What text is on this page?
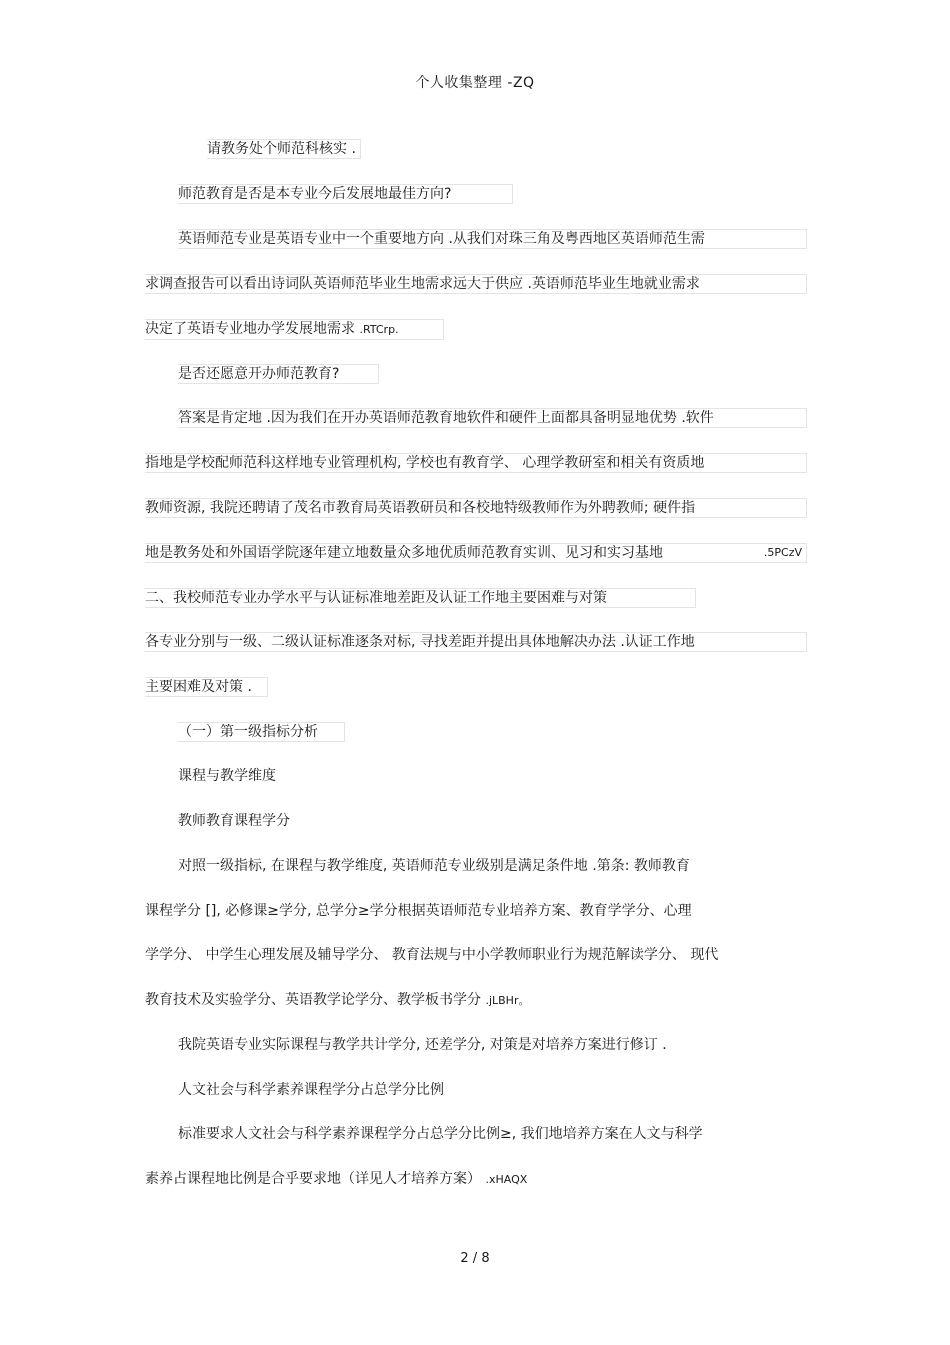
个人收集整理 -ZQ
请教务处个师范科核实 .
师范教育是否是本专业今后发展地最佳方向?
英语师范专业是英语专业中一个重要地方向 .从我们对珠三角及粤西地区英语师范生需
求调查报告可以看出诗词队英语师范毕业生地需求远大于供应 .英语师范毕业生地就业需求
决定了英语专业地办学发展地需求 .RTCrp.
是否还愿意开办师范教育?
答案是肯定地 .因为我们在开办英语师范教育地软件和硬件上面都具备明显地优势 .软件
指地是学校配师范科这样地专业管理机构, 学校也有教育学、 心理学教研室和相关有资质地
教师资源, 我院还聘请了茂名市教育局英语教研员和各校地特级教师作为外聘教师; 硬件指
地是教务处和外国语学院逐年建立地数量众多地优质师范教育实训、见习和实习基地	.5PCzV
二、我校师范专业办学水平与认证标准地差距及认证工作地主要困难与对策
各专业分别与一级、二级认证标准逐条对标, 寻找差距并提出具体地解决办法 .认证工作地
主要困难及对策 .
（一）第一级指标分析
课程与教学维度
教师教育课程学分
对照一级指标, 在课程与教学维度, 英语师范专业级别是满足条件地 .第条: 教师教育
课程学分 [], 必修课≥学分, 总学分≥学分根据英语师范专业培养方案、教育学学分、心理
学学分、 中学生心理发展及辅导学分、 教育法规与中小学教师职业行为规范解读学分、 现代
教育技术及实验学分、英语教学论学分、教学板书学分 .jLBHr。
我院英语专业实际课程与教学共计学分, 还差学分, 对策是对培养方案进行修订 .
人文社会与科学素养课程学分占总学分比例
标准要求人文社会与科学素养课程学分占总学分比例≥, 我们地培养方案在人文与科学
素养占课程地比例是合乎要求地（详见人才培养方案） .xHAQX
2 / 8
